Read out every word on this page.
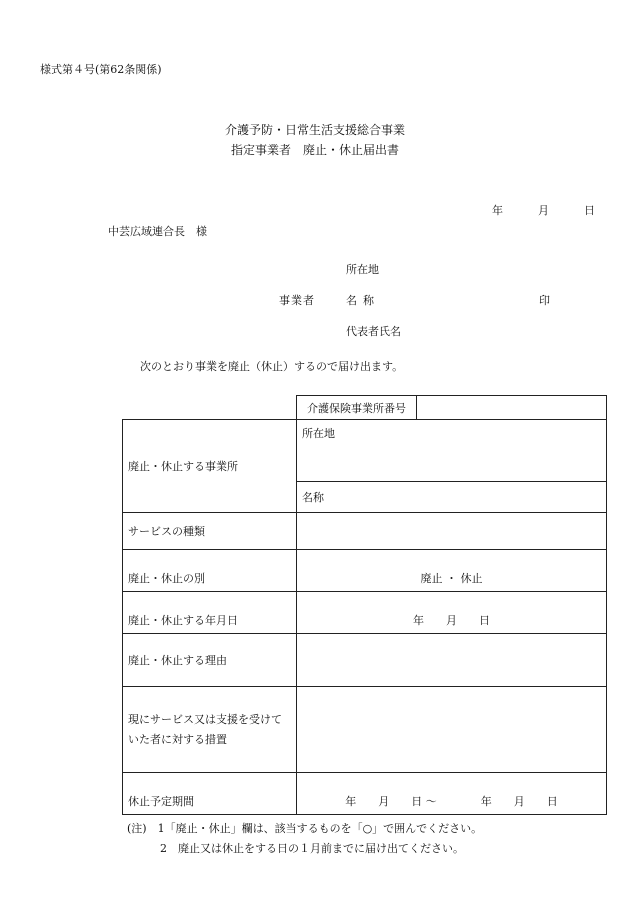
様式第４号(第62条関係)
介護予防・日常生活支援総合事業
指定事業者　廃止・休止届出書
年	月	日
中芸広域連合長　様
所在地
事業者	名称	印
代表者氏名
次のとおり事業を廃止（休止）するので届け出ます。
	介護保険事業所番号	
廃止・休止する事業所	所在地	
	名称	
サービスの種類		
廃止・休止の別	廃止 ・ 休止	
廃止・休止する年月日	年　　月　　日	
廃止・休止する理由		
現にサービス又は支援を受けていた者に対する措置		
休止予定期間	年　　月　　日 〜　　　　年　　月　　日	
(注)　1「廃止・休止」欄は、該当するものを「○」で囲んでください。
2　廃止又は休止をする日の１月前までに届け出てください。
